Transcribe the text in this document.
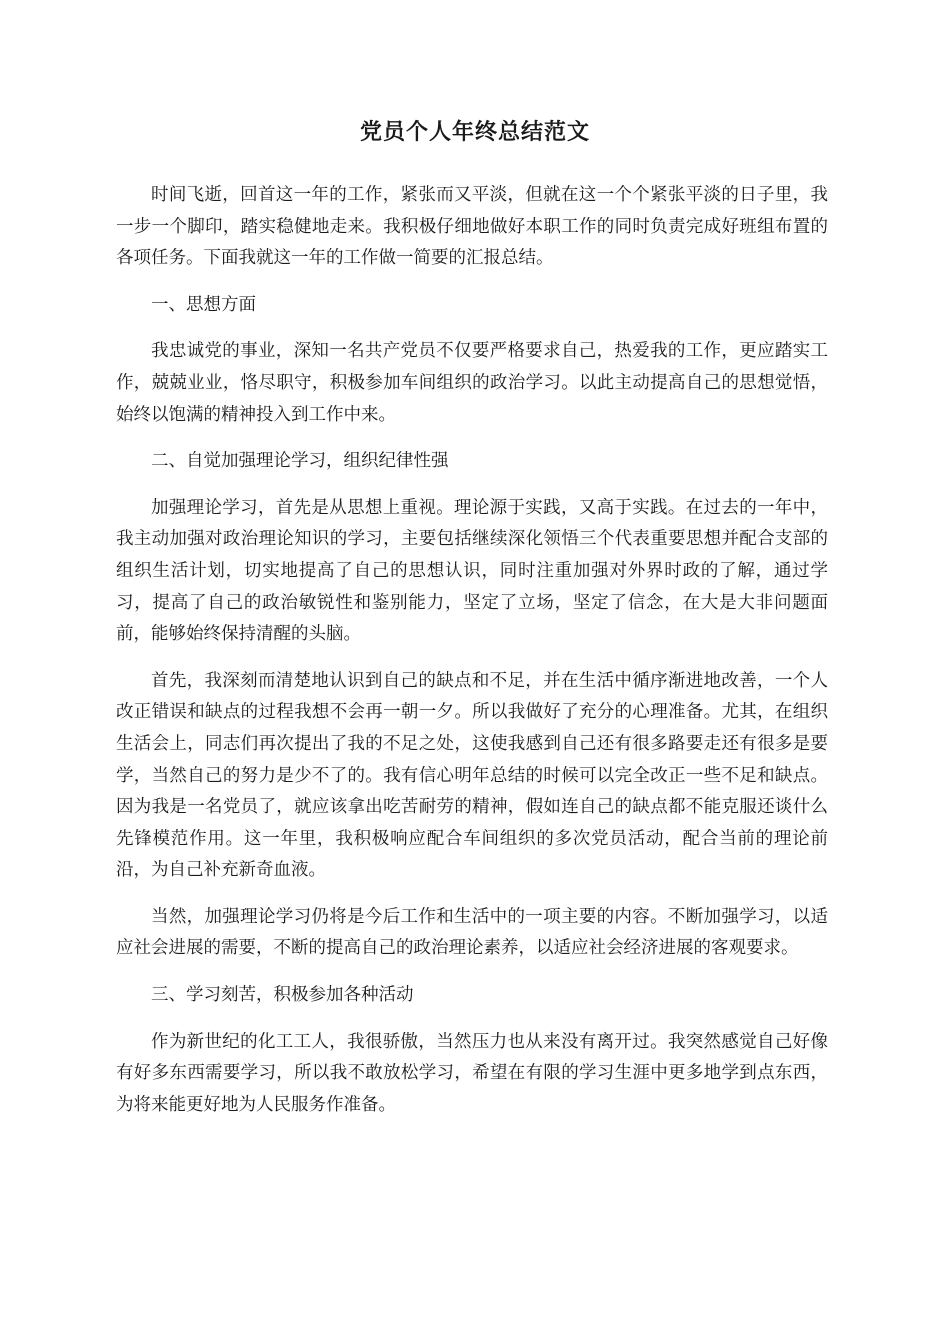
党员个人年终总结范文

时间飞逝，回首这一年的工作，紧张而又平淡，但就在这一个个紧张平淡的日子里，我一步一个脚印，踏实稳健地走来。我积极仔细地做好本职工作的同时负责完成好班组布置的各项任务。下面我就这一年的工作做一简要的汇报总结。

一、思想方面

我忠诚党的事业，深知一名共产党员不仅要严格要求自己，热爱我的工作，更应踏实工作，兢兢业业，恪尽职守，积极参加车间组织的政治学习。以此主动提高自己的思想觉悟，始终以饱满的精神投入到工作中来。

二、自觉加强理论学习，组织纪律性强

加强理论学习，首先是从思想上重视。理论源于实践，又高于实践。在过去的一年中，我主动加强对政治理论知识的学习，主要包括继续深化领悟三个代表重要思想并配合支部的组织生活计划，切实地提高了自己的思想认识，同时注重加强对外界时政的了解，通过学习，提高了自己的政治敏锐性和鉴别能力，坚定了立场，坚定了信念，在大是大非问题面前，能够始终保持清醒的头脑。

首先，我深刻而清楚地认识到自己的缺点和不足，并在生活中循序渐进地改善，一个人改正错误和缺点的过程我想不会再一朝一夕。所以我做好了充分的心理准备。尤其，在组织生活会上，同志们再次提出了我的不足之处，这使我感到自己还有很多路要走还有很多是要学，当然自己的努力是少不了的。我有信心明年总结的时候可以完全改正一些不足和缺点。因为我是一名党员了，就应该拿出吃苦耐劳的精神，假如连自己的缺点都不能克服还谈什么先锋模范作用。这一年里，我积极响应配合车间组织的多次党员活动，配合当前的理论前沿，为自己补充新奇血液。

当然，加强理论学习仍将是今后工作和生活中的一项主要的内容。不断加强学习，以适应社会进展的需要，不断的提高自己的政治理论素养，以适应社会经济进展的客观要求。

三、学习刻苦，积极参加各种活动

作为新世纪的化工工人，我很骄傲，当然压力也从来没有离开过。我突然感觉自己好像有好多东西需要学习，所以我不敢放松学习，希望在有限的学习生涯中更多地学到点东西，为将来能更好地为人民服务作准备。
